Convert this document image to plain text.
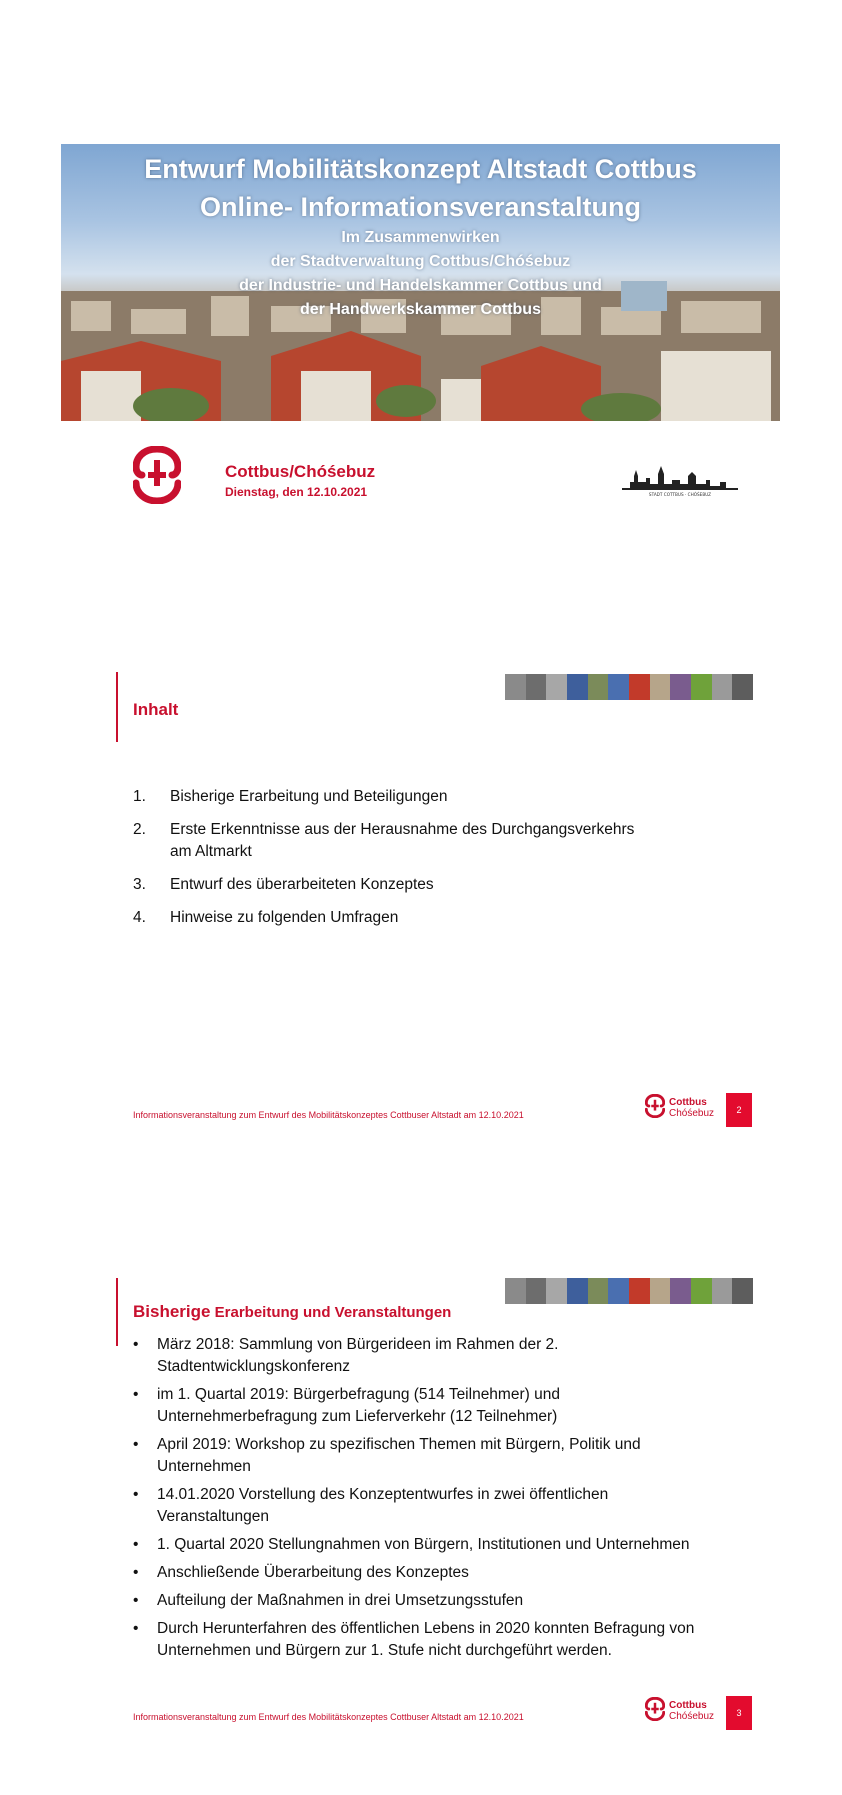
Entwurf Mobilitätskonzept Altstadt Cottbus
Online- Informationsveranstaltung
Im Zusammenwirken
der Stadtverwaltung Cottbus/Chóśebuz
der Industrie- und Handelskammer Cottbus und
der Handwerkskammer Cottbus
Cottbus/Chóśebuz
Dienstag, den 12.10.2021	STADT COTTBUS · CHÓŚEBUZ
Inhalt
1. Bisherige Erarbeitung und Beteiligungen
2. Erste Erkenntnisse aus der Herausnahme des Durchgangsverkehrs am Altmarkt
3. Entwurf des überarbeiteten Konzeptes
4. Hinweise zu folgenden Umfragen
Informationsveranstaltung zum Entwurf des Mobilitätskonzeptes Cottbuser Altstadt am 12.10.2021
Cottbus
Chóśebuz	2
Bisherige Erarbeitung und Veranstaltungen
• März 2018: Sammlung von Bürgerideen im Rahmen der 2. Stadtentwicklungskonferenz
• im 1. Quartal 2019: Bürgerbefragung (514 Teilnehmer) und Unternehmerbefragung zum Lieferverkehr (12 Teilnehmer)
• April 2019: Workshop zu spezifischen Themen mit Bürgern, Politik und Unternehmen
• 14.01.2020 Vorstellung des Konzeptentwurfes in zwei öffentlichen Veranstaltungen
• 1. Quartal 2020 Stellungnahmen von Bürgern, Institutionen und Unternehmen
• Anschließende Überarbeitung des Konzeptes
• Aufteilung der Maßnahmen in drei Umsetzungsstufen
• Durch Herunterfahren des öffentlichen Lebens in 2020 konnten Befragung von Unternehmen und Bürgern zur 1. Stufe nicht durchgeführt werden.
Informationsveranstaltung zum Entwurf des Mobilitätskonzeptes Cottbuser Altstadt am 12.10.2021
Cottbus
Chóśebuz	3
